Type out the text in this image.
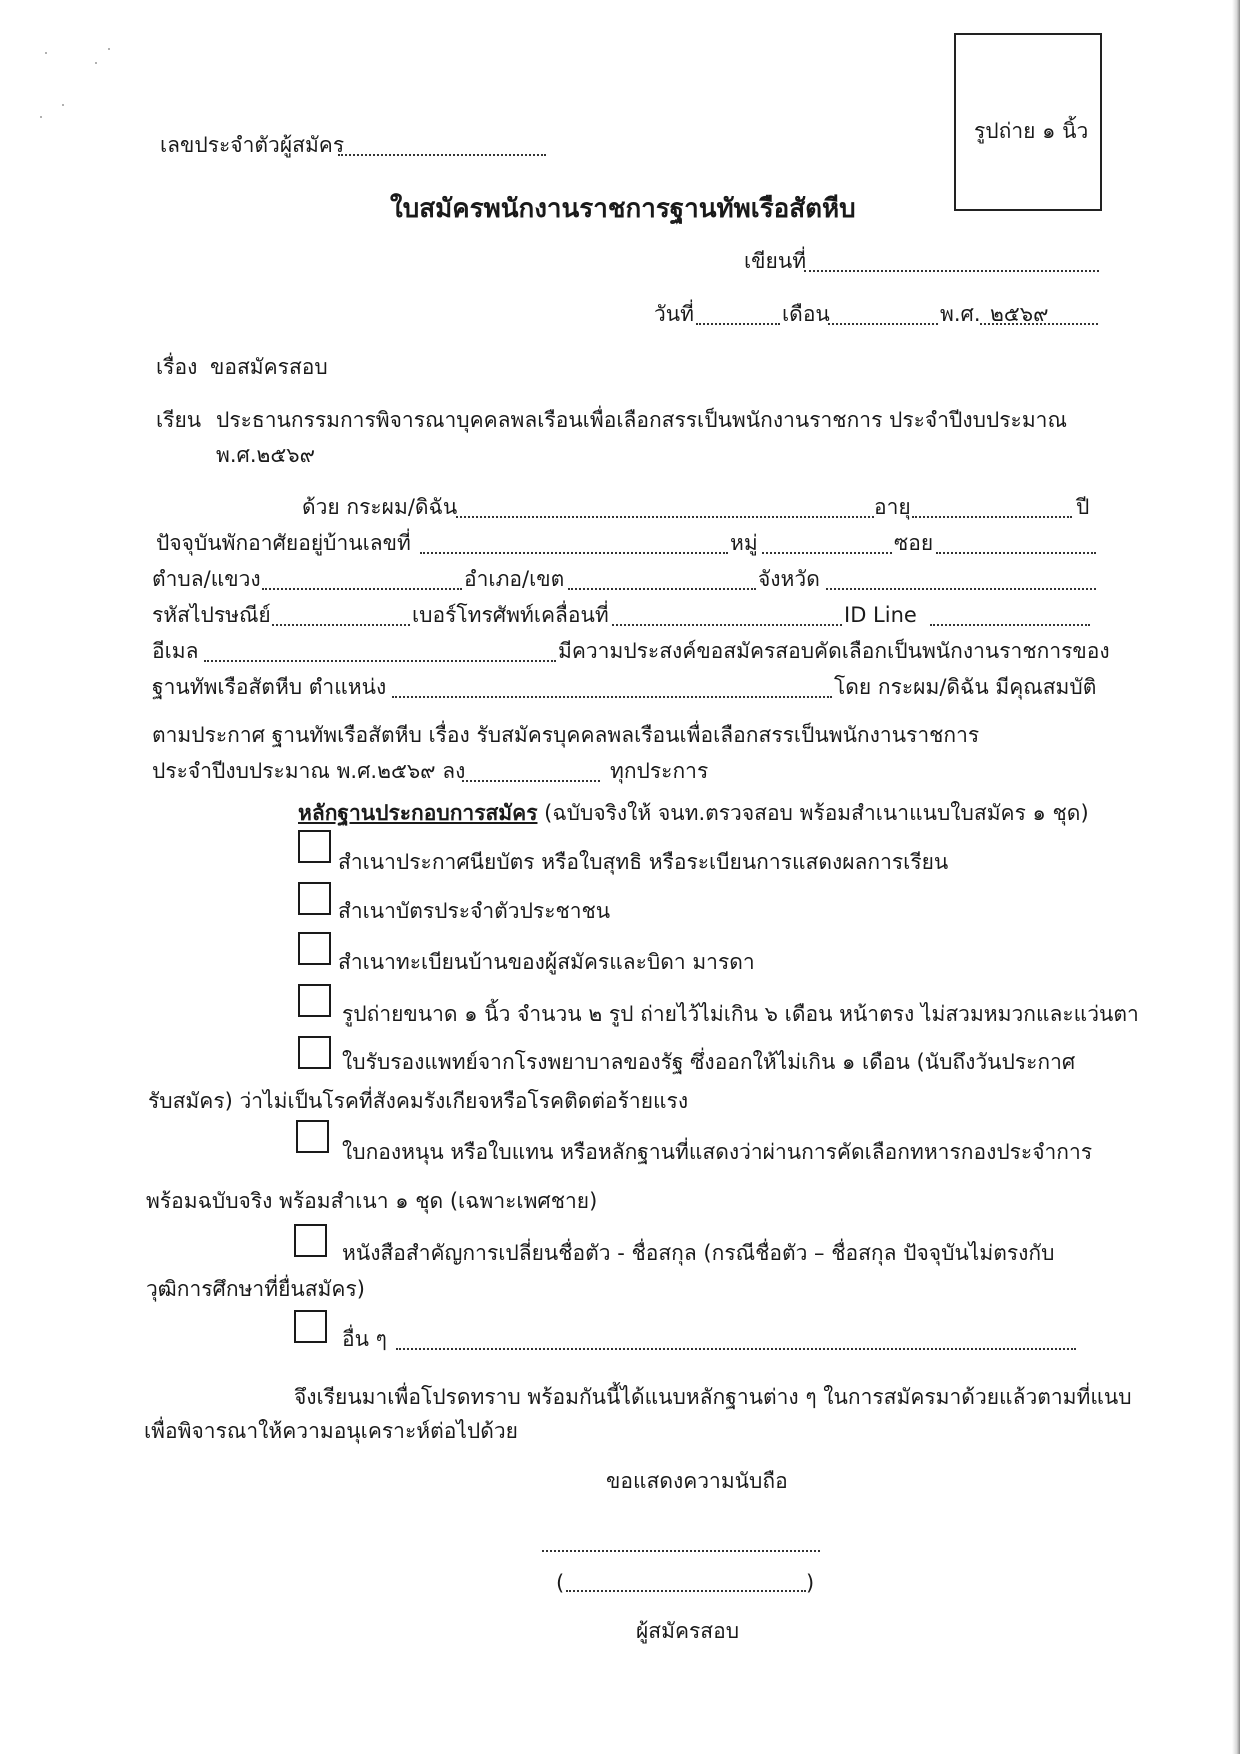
เลขประจำตัวผู้สมัคร
รูปถ่าย ๑ นิ้ว
ใบสมัครพนักงานราชการฐานทัพเรือสัตหีบ
เขียนที่
วันที่	เดือน	พ.ศ. ๒๕๖๙
เรื่อง ขอสมัครสอบ
เรียน ประธานกรรมการพิจารณาบุคคลพลเรือนเพื่อเลือกสรรเป็นพนักงานราชการ ประจำปีงบประมาณ
พ.ศ.๒๕๖๙
ด้วย กระผม/ดิฉัน	อายุ	ปี
ปัจจุบันพักอาศัยอยู่บ้านเลขที่	หมู่	ซอย
ตำบล/แขวง	อำเภอ/เขต	จังหวัด
รหัสไปรษณีย์	เบอร์โทรศัพท์เคลื่อนที่	ID Line
อีเมล	มีความประสงค์ขอสมัครสอบคัดเลือกเป็นพนักงานราชการของ
ฐานทัพเรือสัตหีบ ตำแหน่ง	โดย กระผม/ดิฉัน มีคุณสมบัติ
ตามประกาศ ฐานทัพเรือสัตหีบ เรื่อง รับสมัครบุคคลพลเรือนเพื่อเลือกสรรเป็นพนักงานราชการ
ประจำปีงบประมาณ พ.ศ.๒๕๖๙ ลง	ทุกประการ
หลักฐานประกอบการสมัคร (ฉบับจริงให้ จนท.ตรวจสอบ พร้อมสำเนาแนบใบสมัคร ๑ ชุด)
สำเนาประกาศนียบัตร หรือใบสุทธิ หรือระเบียนการแสดงผลการเรียน
สำเนาบัตรประจำตัวประชาชน
สำเนาทะเบียนบ้านของผู้สมัครและบิดา มารดา
รูปถ่ายขนาด ๑ นิ้ว จำนวน ๒ รูป ถ่ายไว้ไม่เกิน ๖ เดือน หน้าตรง ไม่สวมหมวกและแว่นตา
ใบรับรองแพทย์จากโรงพยาบาลของรัฐ ซึ่งออกให้ไม่เกิน ๑ เดือน (นับถึงวันประกาศ
รับสมัคร) ว่าไม่เป็นโรคที่สังคมรังเกียจหรือโรคติดต่อร้ายแรง
ใบกองหนุน หรือใบแทน หรือหลักฐานที่แสดงว่าผ่านการคัดเลือกทหารกองประจำการ
พร้อมฉบับจริง พร้อมสำเนา ๑ ชุด (เฉพาะเพศชาย)
หนังสือสำคัญการเปลี่ยนชื่อตัว - ชื่อสกุล (กรณีชื่อตัว – ชื่อสกุล ปัจจุบันไม่ตรงกับ
วุฒิการศึกษาที่ยื่นสมัคร)
อื่น ๆ
จึงเรียนมาเพื่อโปรดทราบ พร้อมกันนี้ได้แนบหลักฐานต่าง ๆ ในการสมัครมาด้วยแล้วตามที่แนบ
เพื่อพิจารณาให้ความอนุเคราะห์ต่อไปด้วย
ขอแสดงความนับถือ
(	)
ผู้สมัครสอบ
